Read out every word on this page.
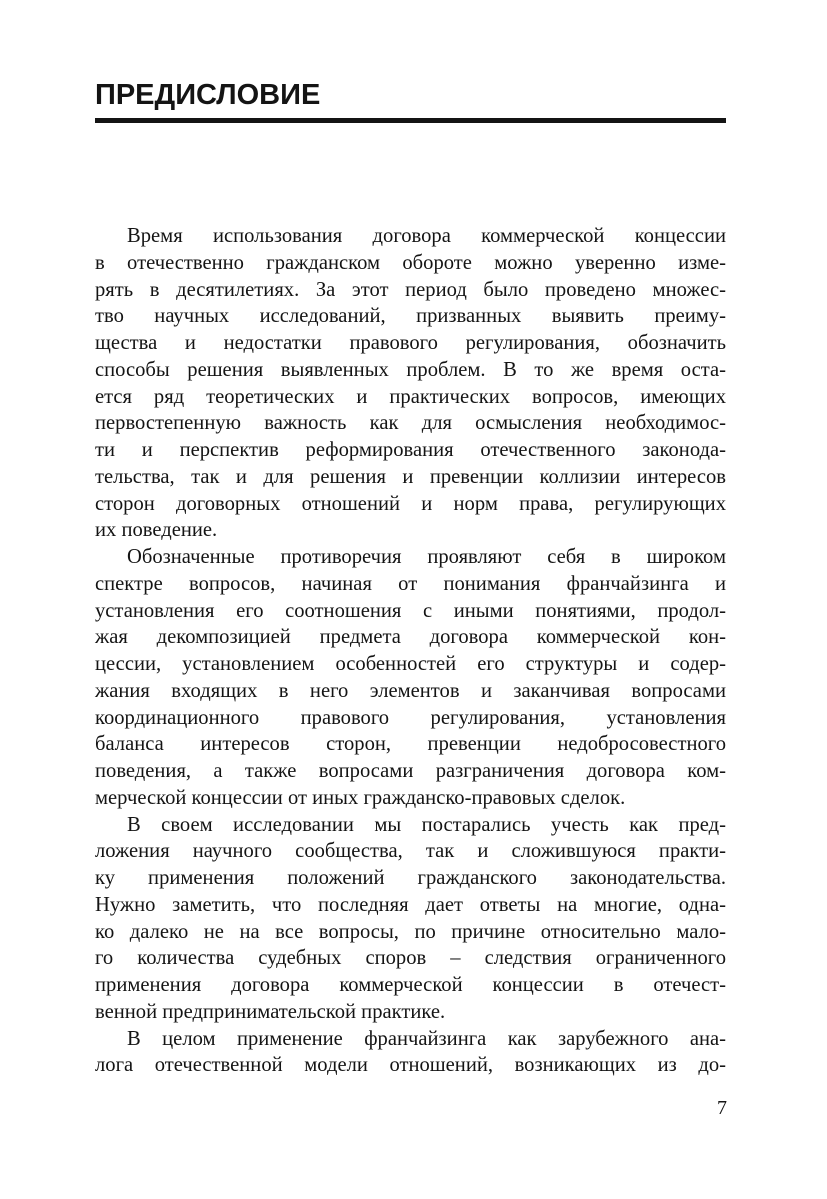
ПРЕДИСЛОВИЕ
Время использования договора коммерческой концессии
в отечественно гражданском обороте можно уверенно изме-
рять в десятилетиях. За этот период было проведено множес-
тво научных исследований, призванных выявить преиму-
щества и недостатки правового регулирования, обозначить
способы решения выявленных проблем. В то же время оста-
ется ряд теоретических и практических вопросов, имеющих
первостепенную важность как для осмысления необходимос-
ти и перспектив реформирования отечественного законода-
тельства, так и для решения и превенции коллизии интересов
сторон договорных отношений и норм права, регулирующих
их поведение.
Обозначенные противоречия проявляют себя в широком
спектре вопросов, начиная от понимания франчайзинга и
установления его соотношения с иными понятиями, продол-
жая декомпозицией предмета договора коммерческой кон-
цессии, установлением особенностей его структуры и содер-
жания входящих в него элементов и заканчивая вопросами
координационного правового регулирования, установления
баланса интересов сторон, превенции недобросовестного
поведения, а также вопросами разграничения договора ком-
мерческой концессии от иных гражданско-правовых сделок.
В своем исследовании мы постарались учесть как пред-
ложения научного сообщества, так и сложившуюся практи-
ку применения положений гражданского законодательства.
Нужно заметить, что последняя дает ответы на многие, одна-
ко далеко не на все вопросы, по причине относительно мало-
го количества судебных споров – следствия ограниченного
применения договора коммерческой концессии в отечест-
венной предпринимательской практике.
В целом применение франчайзинга как зарубежного ана-
лога отечественной модели отношений, возникающих из до-
7
